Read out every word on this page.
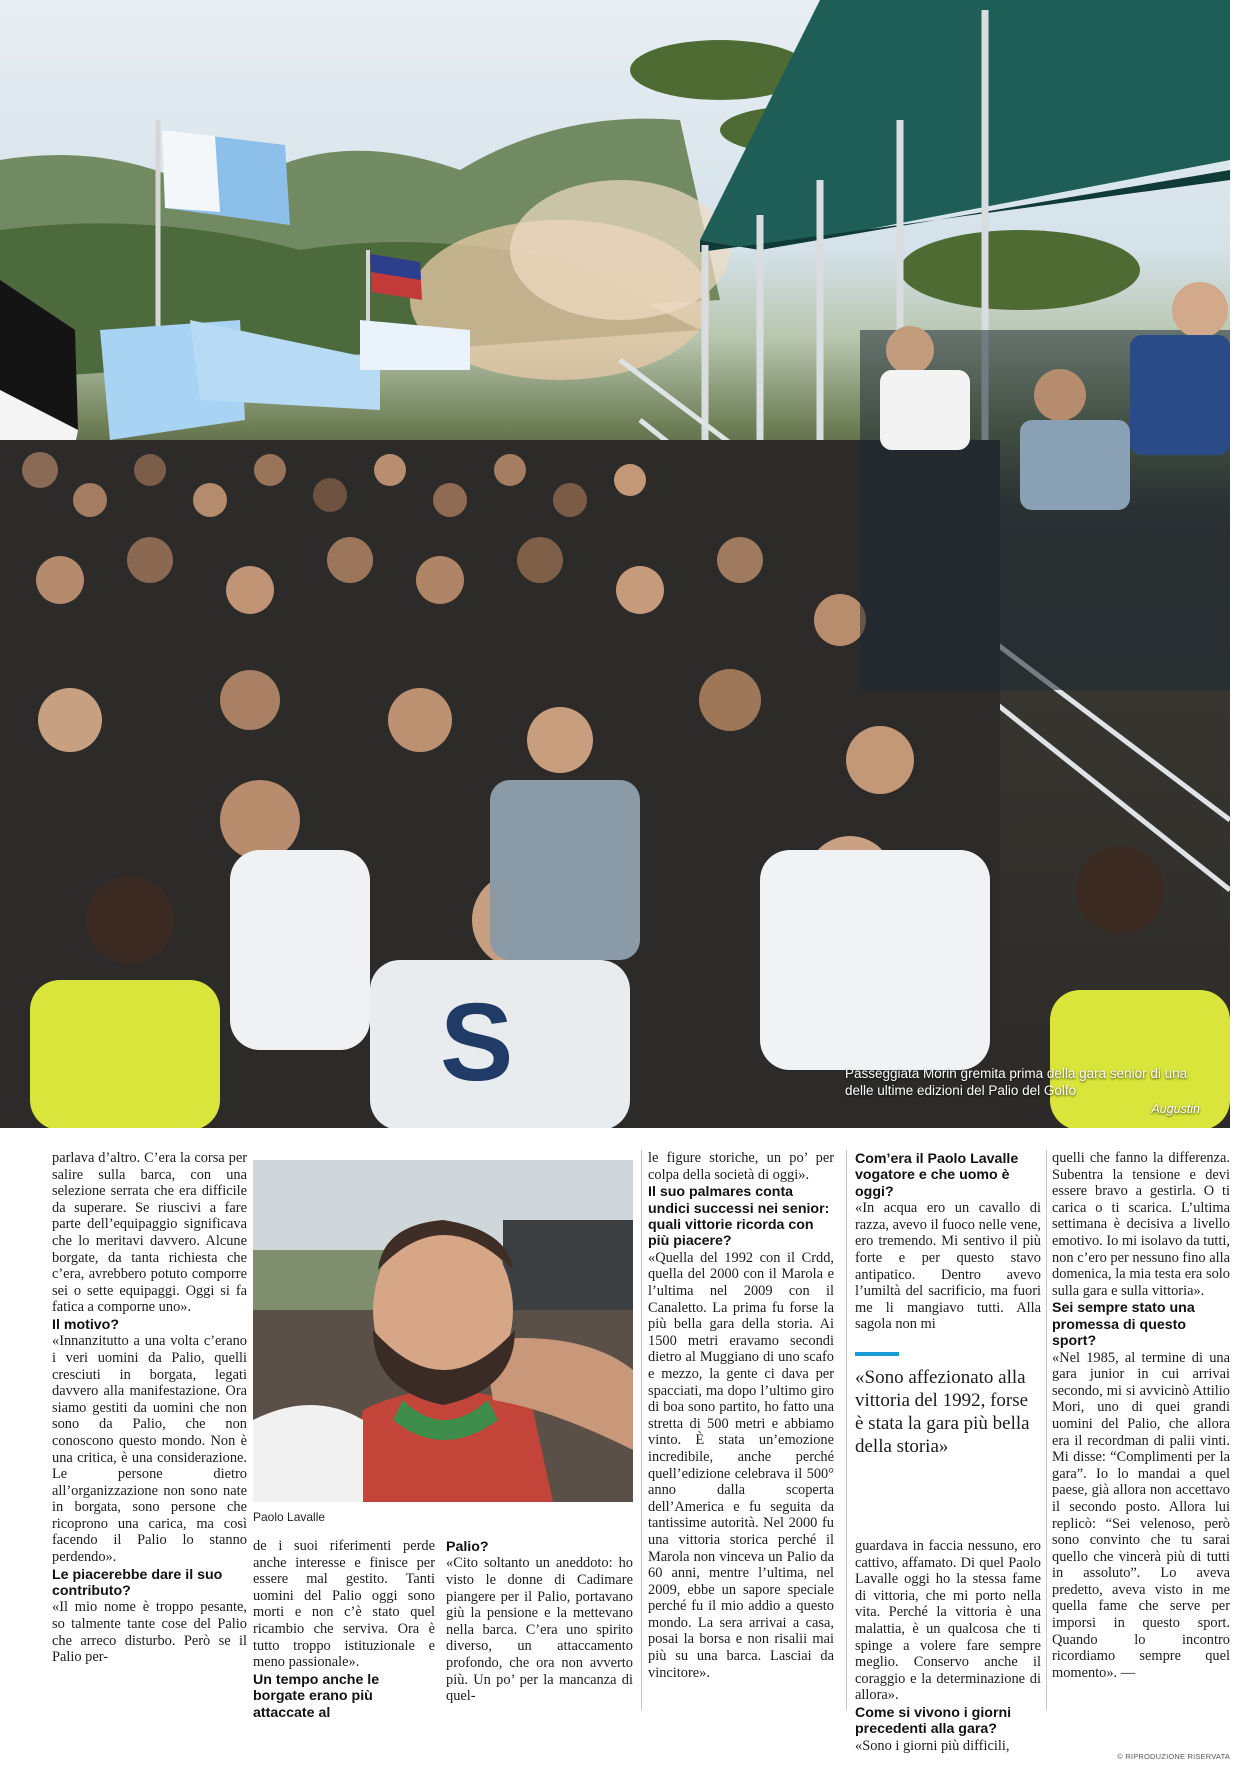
S	Passeggiata Morin gremita prima della gara senior di una delle ultime edizioni del Palio del Golfo
Augustin

parlava d’altro. C’era la corsa per salire sulla barca, con una selezione serrata che era difficile da superare. Se riuscivi a fare parte dell’equipaggio significava che lo meritavi davvero. Alcune borgate, da tanta richiesta che c’era, avrebbero potuto comporre sei o sette equipaggi. Oggi si fa fatica a comporne uno».

Il motivo?

«Innanzitutto a una volta c’erano i veri uomini da Palio, quelli cresciuti in borgata, legati davvero alla manifestazione. Ora siamo gestiti da uomini che non sono da Palio, che non conoscono questo mondo. Non è una critica, è una considerazione. Le persone dietro all’organizzazione non sono nate in borgata, sono persone che ricoprono una carica, ma così facendo il Palio lo stanno perdendo».

Le piacerebbe dare il suo contributo?

«Il mio nome è troppo pesante, so talmente tante cose del Palio che arreco disturbo. Però se il Palio per-

Paolo Lavalle

de i suoi riferimenti perde anche interesse e finisce per essere mal gestito. Tanti uomini del Palio oggi sono morti e non c’è stato quel ricambio che serviva. Ora è tutto troppo istituzionale e meno passionale».

Un tempo anche le borgate erano più attaccate al

Palio?

«Cito soltanto un aneddoto: ho visto le donne di Cadimare piangere per il Palio, portavano giù la pensione e la mettevano nella barca. C’era uno spirito diverso, un attaccamento profondo, che ora non avverto più. Un po’ per la mancanza di quel-

le figure storiche, un po’ per colpa della società di oggi».

Il suo palmares conta undici successi nei senior: quali vittorie ricorda con più piacere?

«Quella del 1992 con il Crdd, quella del 2000 con il Marola e l’ultima nel 2009 con il Canaletto. La prima fu forse la più bella gara della storia. Ai 1500 metri eravamo secondi dietro al Muggiano di uno scafo e mezzo, la gente ci dava per spacciati, ma dopo l’ultimo giro di boa sono partito, ho fatto una stretta di 500 metri e abbiamo vinto. È stata un’emozione incredibile, anche perché quell’edizione celebrava il 500° anno dalla scoperta dell’America e fu seguita da tantissime autorità. Nel 2000 fu una vittoria storica perché il Marola non vinceva un Palio da 60 anni, mentre l’ultima, nel 2009, ebbe un sapore speciale perché fu il mio addio a questo mondo. La sera arrivai a casa, posai la borsa e non risalii mai più su una barca. Lasciai da vincitore».

Com’era il Paolo Lavalle vogatore e che uomo è oggi?

«In acqua ero un cavallo di razza, avevo il fuoco nelle vene, ero tremendo. Mi sentivo il più forte e per questo stavo antipatico. Dentro avevo l’umiltà del sacrificio, ma fuori me li mangiavo tutti. Alla sagola non mi

«Sono affezionato alla vittoria del 1992, forse è stata la gara più bella della storia»

guardava in faccia nessuno, ero cattivo, affamato. Di quel Paolo Lavalle oggi ho la stessa fame di vittoria, che mi porto nella vita. Perché la vittoria è una malattia, è un qualcosa che ti spinge a volere fare sempre meglio. Conservo anche il coraggio e la determinazione di allora».

Come si vivono i giorni precedenti alla gara?

«Sono i giorni più difficili,

quelli che fanno la differenza. Subentra la tensione e devi essere bravo a gestirla. O ti carica o ti scarica. L’ultima settimana è decisiva a livello emotivo. Io mi isolavo da tutti, non c’ero per nessuno fino alla domenica, la mia testa era solo sulla gara e sulla vittoria».

Sei sempre stato una promessa di questo sport?

«Nel 1985, al termine di una gara junior in cui arrivai secondo, mi si avvicinò Attilio Mori, uno di quei grandi uomini del Palio, che allora era il recordman di palii vinti. Mi disse: “Complimenti per la gara”. Io lo mandai a quel paese, già allora non accettavo il secondo posto. Allora lui replicò: “Sei velenoso, però sono convinto che tu sarai quello che vincerà più di tutti in assoluto”. Lo aveva predetto, aveva visto in me quella fame che serve per imporsi in questo sport. Quando lo incontro ricordiamo sempre quel momento». —

© RIPRODUZIONE RISERVATA
